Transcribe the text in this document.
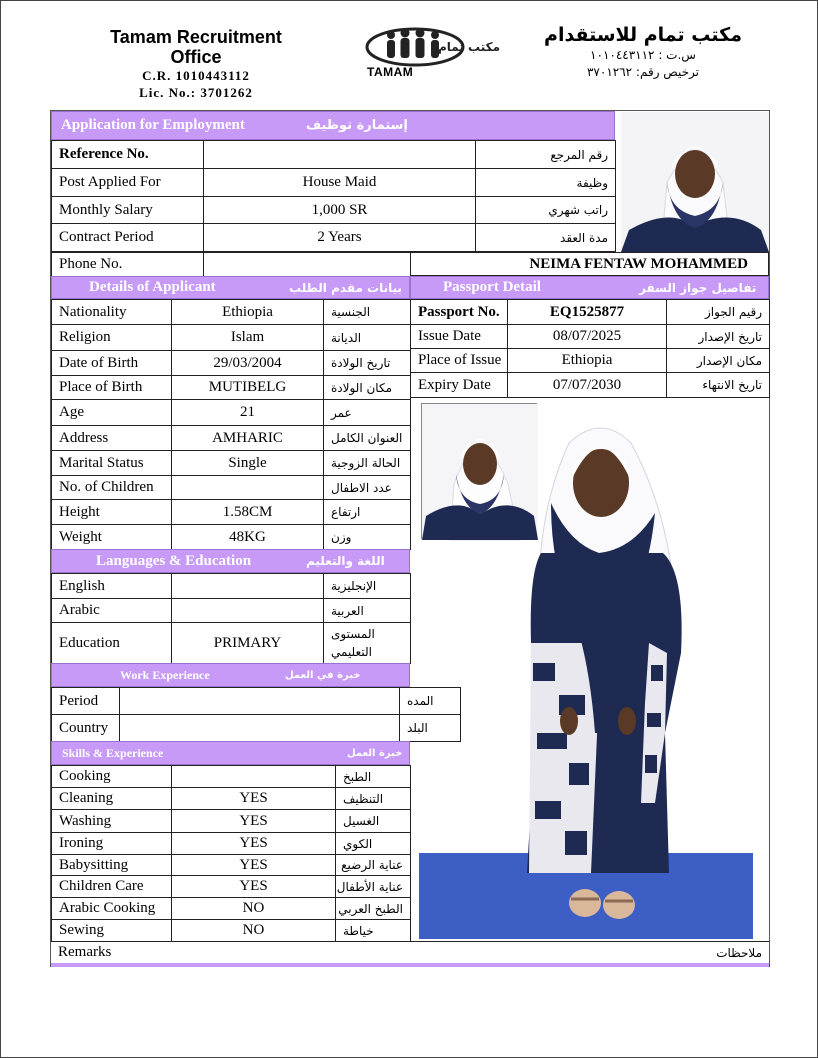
Tamam Recruitment Office
C.R. 1010443112
Lic. No.: 3701262
مكتب تمام
TAMAM
مكتب تمام للاستقدام
س.ت : ١٠١٠٤٤٣١١٢
ترخيص رقم: ٣٧٠١٢٦٢
Application for Employment	إستمارة توظيف
Reference No.		رقم المرجع
Post Applied For	House Maid	وظيفة
Monthly Salary	1,000 SR	راتب شهري
Contract Period	2 Years	مدة العقد
Phone No.		NEIMA FENTAW MOHAMMED
Details of Applicant	بيانات مقدم الطلب
Nationality	Ethiopia	الجنسية
Religion	Islam	الديانة
Date of Birth	29/03/2004	تاريخ الولادة
Place of Birth	MUTIBELG	مكان الولادة
Age	21	عمر
Address	AMHARIC	العنوان الكامل
Marital Status	Single	الحالة الزوجية
No. of Children		عدد الاطفال
Height	1.58CM	ارتفاع
Weight	48KG	وزن
Passport Detail	تفاصيل جواز السفر
Passport No.	EQ1525877	رقيم الجواز
Issue Date	08/07/2025	تاريخ الإصدار
Place of Issue	Ethiopia	مكان الإصدار
Expiry Date	07/07/2030	تاريخ الانتهاء
Languages & Education	اللغة والتعليم
English		الإنجليزية
Arabic		العربية
Education	PRIMARY	المستوى التعليمي
Work Experience	خبرة في العمل
Period		المده
Country		البلد
Skills & Experience	خبرة العمل
Cooking		الطبخ
Cleaning	YES	التنظيف
Washing	YES	الغسيل
Ironing	YES	الكوي
Babysitting	YES	عناية الرضيع
Children Care	YES	عناية الأطفال
Arabic Cooking	NO	الطبخ العربي
Sewing	NO	خياطة
Remarks	ملاحظات
